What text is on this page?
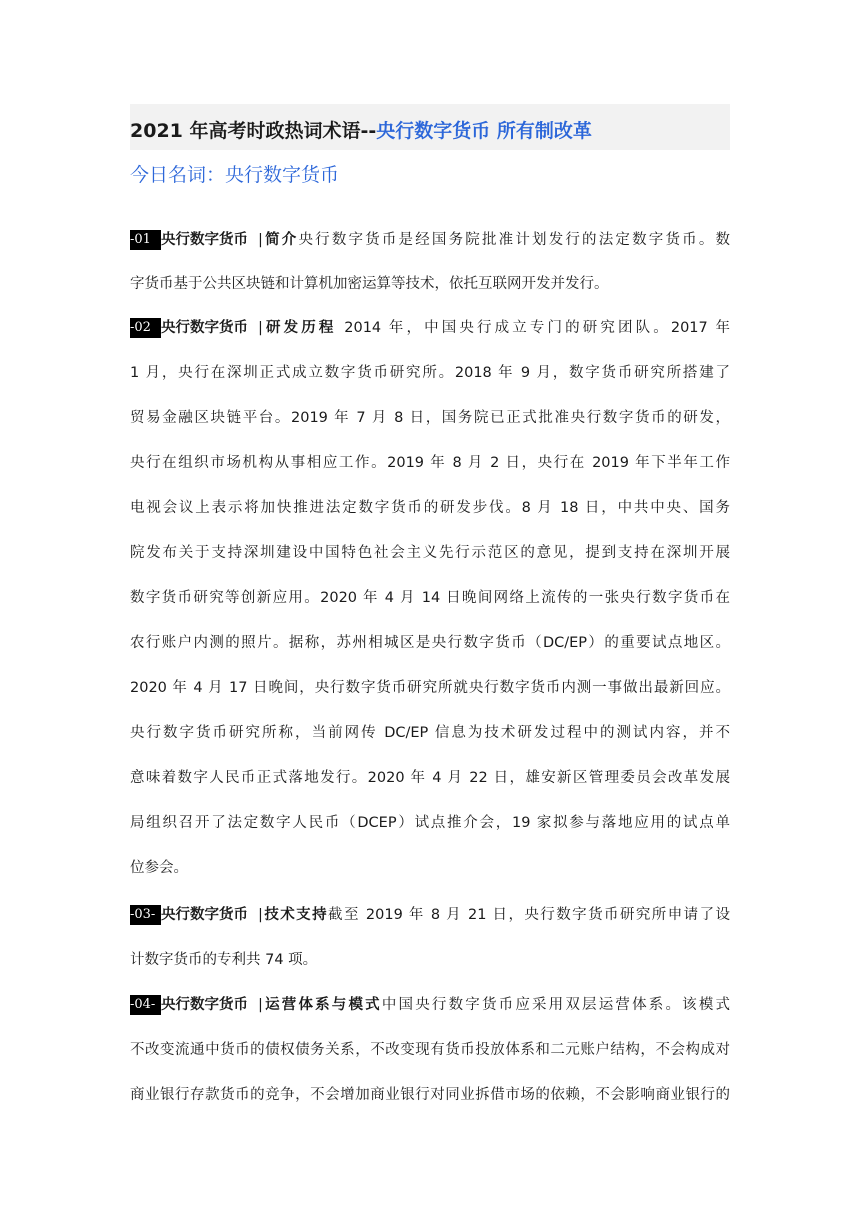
2021 年高考时政热词术语--央行数字货币 所有制改革
今日名词：央行数字货币
-01 央行数字货币 |简介央行数字货币是经国务院批准计划发行的法定数字货币。数
字货币基于公共区块链和计算机加密运算等技术，依托互联网开发并发行。
-02 央行数字货币 |研发历程 2014 年，中国央行成立专门的研究团队。2017 年
1 月，央行在深圳正式成立数字货币研究所。2018 年 9 月，数字货币研究所搭建了
贸易金融区块链平台。2019 年 7 月 8 日，国务院已正式批准央行数字货币的研发，
央行在组织市场机构从事相应工作。2019 年 8 月 2 日，央行在 2019 年下半年工作
电视会议上表示将加快推进法定数字货币的研发步伐。8 月 18 日，中共中央、国务
院发布关于支持深圳建设中国特色社会主义先行示范区的意见，提到支持在深圳开展
数字货币研究等创新应用。2020 年 4 月 14 日晚间网络上流传的一张央行数字货币在
农行账户内测的照片。据称，苏州相城区是央行数字货币（DC/EP）的重要试点地区。
2020 年 4 月 17 日晚间，央行数字货币研究所就央行数字货币内测一事做出最新回应。
央行数字货币研究所称，当前网传 DC/EP 信息为技术研发过程中的测试内容，并不
意味着数字人民币正式落地发行。2020 年 4 月 22 日，雄安新区管理委员会改革发展
局组织召开了法定数字人民币（DCEP）试点推介会，19 家拟参与落地应用的试点单
位参会。
-03- 央行数字货币 |技术支持截至 2019 年 8 月 21 日，央行数字货币研究所申请了设
计数字货币的专利共 74 项。
-04- 央行数字货币 |运营体系与模式中国央行数字货币应采用双层运营体系。该模式
不改变流通中货币的债权债务关系，不改变现有货币投放体系和二元账户结构，不会构成对
商业银行存款货币的竞争，不会增加商业银行对同业拆借市场的依赖，不会影响商业银行的
